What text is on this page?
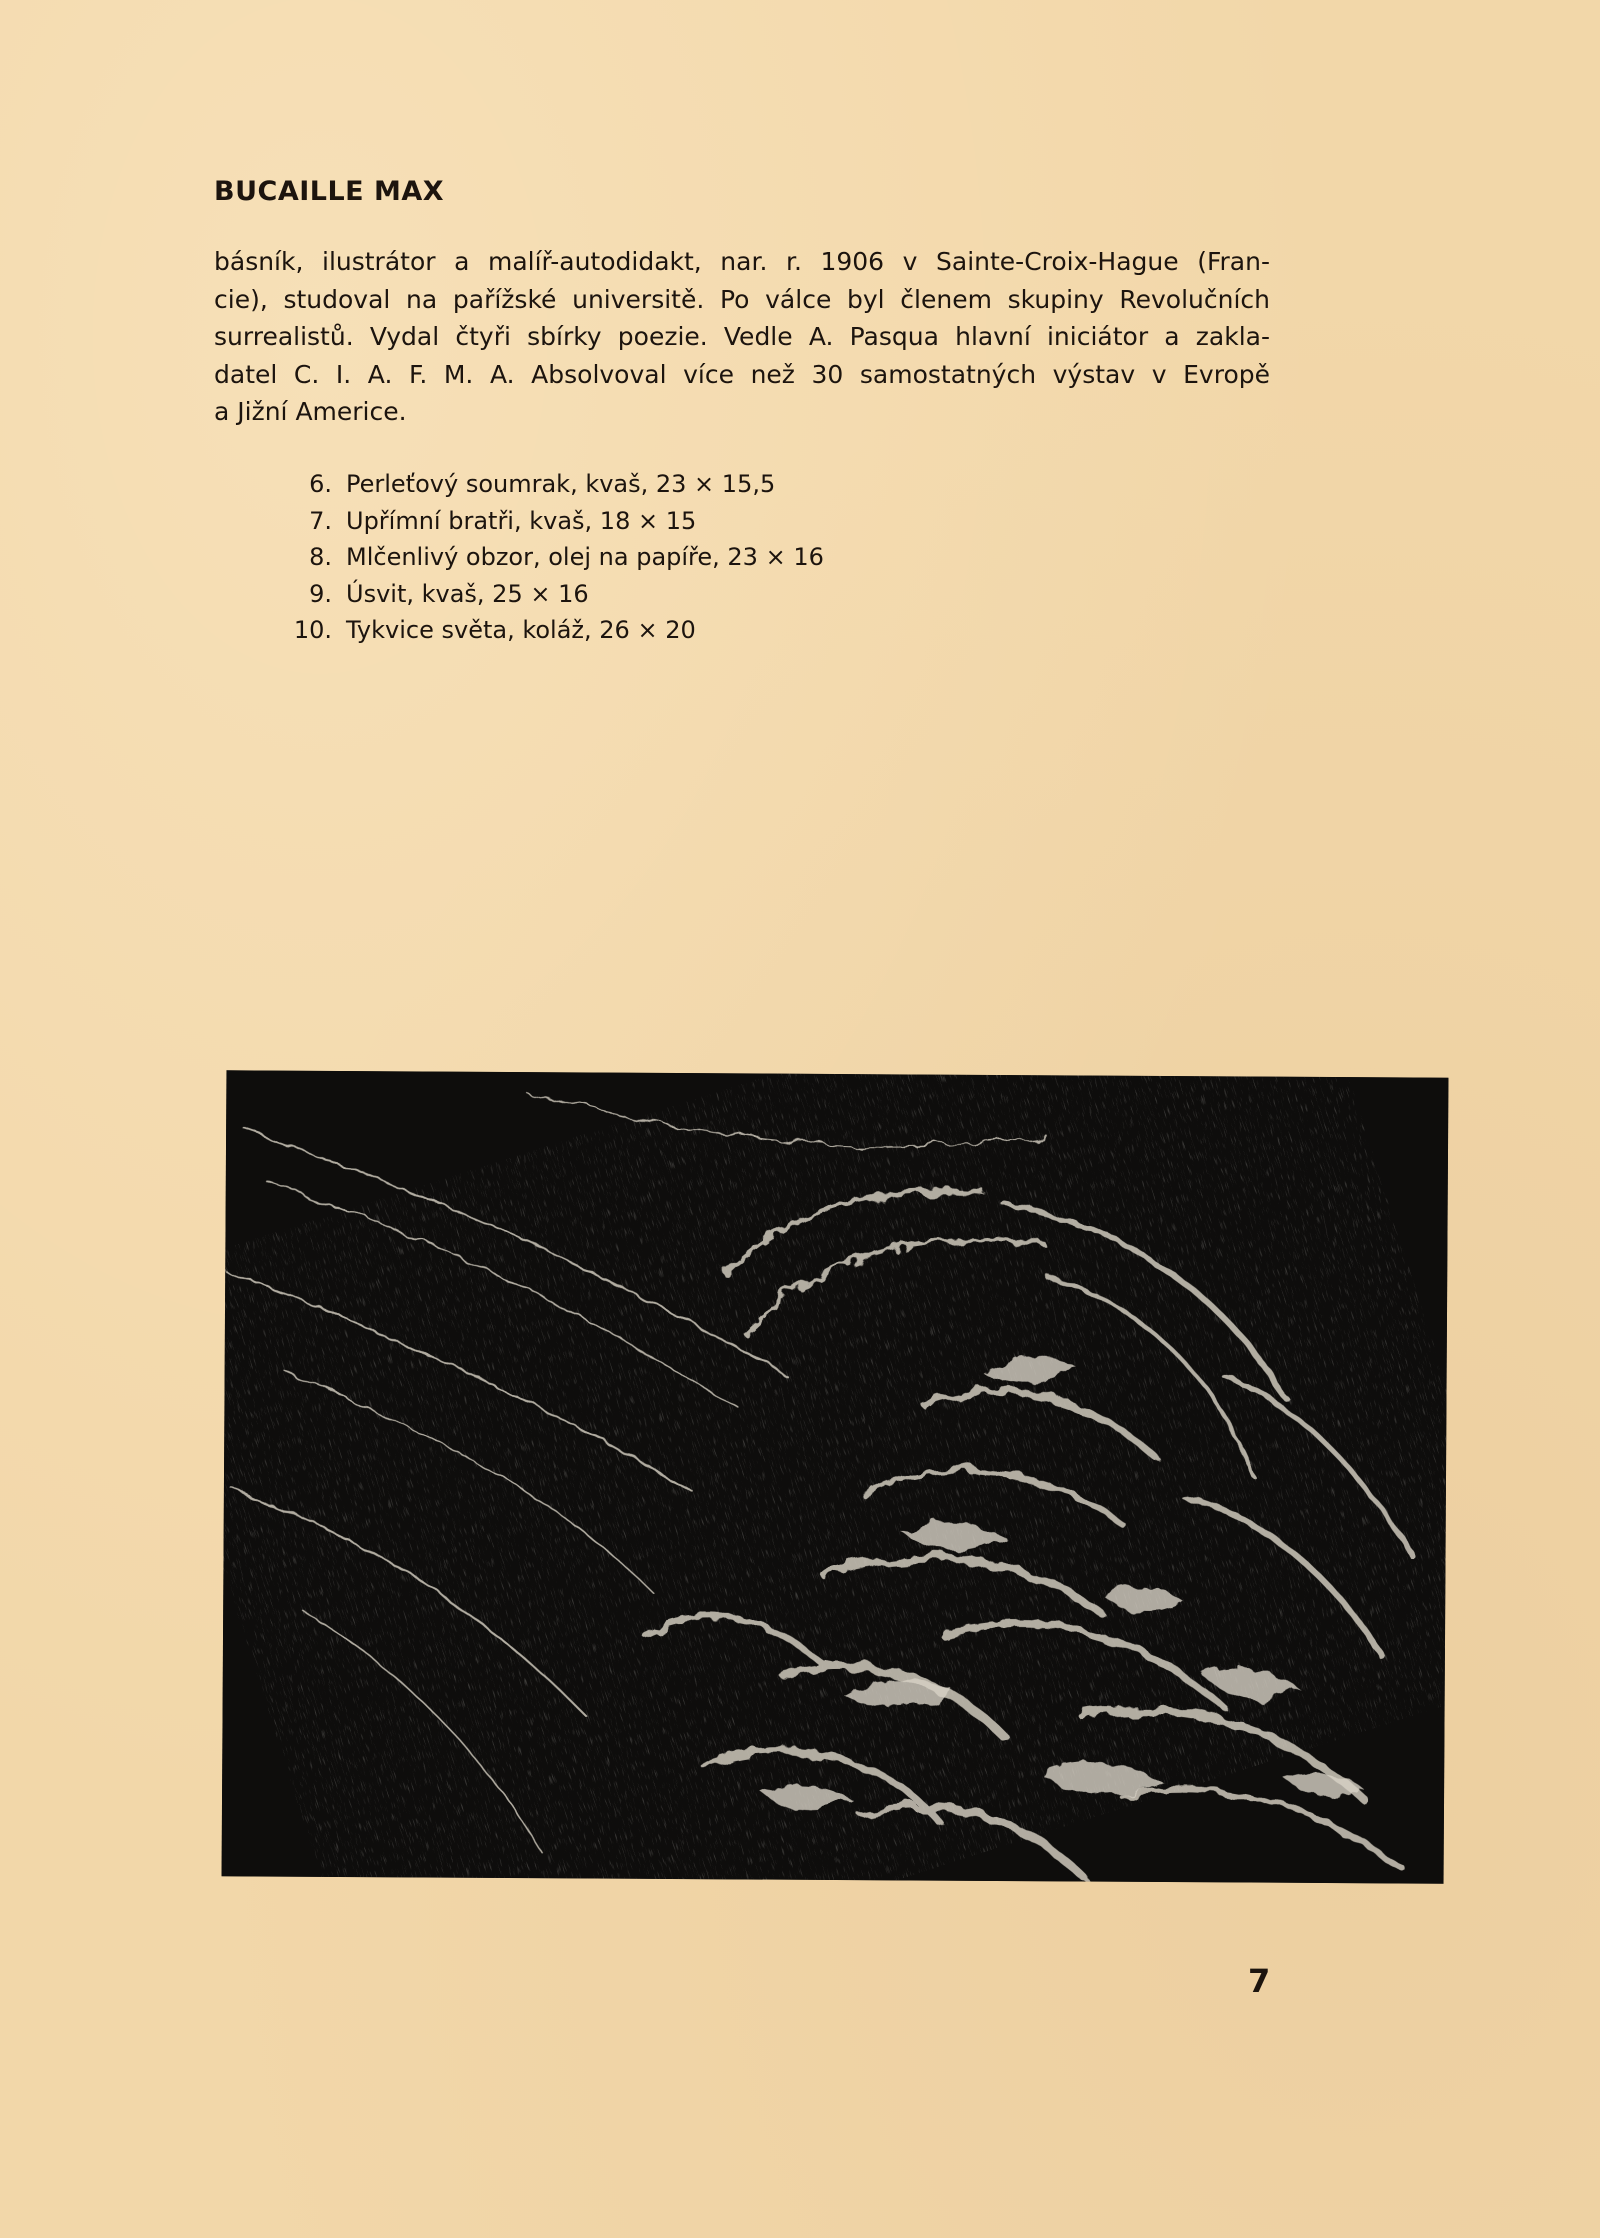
BUCAILLE MAX

básník, ilustrátor a malíř-autodidakt, nar. r. 1906 v Sainte-Croix-Hague (Fran-
cie), studoval na pařížské universitě. Po válce byl členem skupiny Revolučních
surrealistů. Vydal čtyři sbírky poezie. Vedle A. Pasqua hlavní iniciátor a zakla-
datel C. I. A. F. M. A. Absolvoval více než 30 samostatných výstav v Evropě
a Jižní Americe.

6. Perleťový soumrak, kvaš, 23 × 15,5
7. Upřímní bratři, kvaš, 18 × 15
8. Mlčenlivý obzor, olej na papíře, 23 × 16
9. Úsvit, kvaš, 25 × 16
10. Tykvice světa, koláž, 26 × 20
7
